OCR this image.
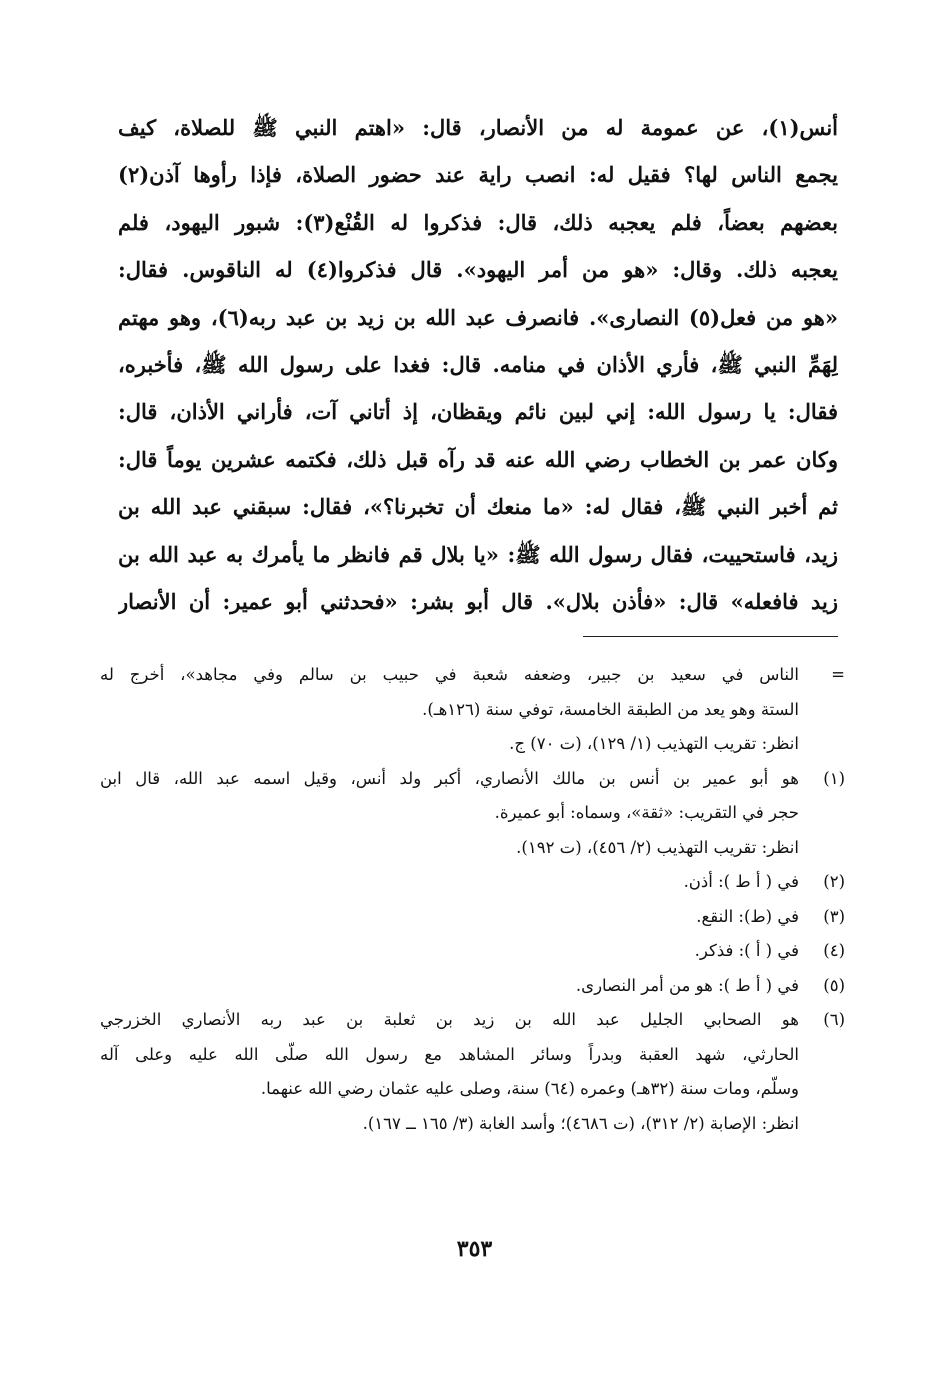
أنس(١)، عن عمومة له من الأنصار، قال: «اهتم النبي ﷺ للصلاة، كيف
يجمع الناس لها؟ فقيل له: انصب راية عند حضور الصلاة، فإذا رأوها آذن(٢)
بعضهم بعضاً، فلم يعجبه ذلك، قال: فذكروا له القُنْع(٣): شبور اليهود، فلم
يعجبه ذلك. وقال: «هو من أمر اليهود». قال فذكروا(٤) له الناقوس. فقال:
«هو من فعل(٥) النصارى». فانصرف عبد الله بن زيد بن عبد ربه(٦)، وهو مهتم
لِهَمِّ النبي ﷺ، فأري الأذان في منامه. قال: فغدا على رسول الله ﷺ، فأخبره،
فقال: يا رسول الله: إني لبين نائم ويقظان، إذ أتاني آت، فأراني الأذان، قال:
وكان عمر بن الخطاب رضي الله عنه قد رآه قبل ذلك، فكتمه عشرين يوماً قال:
ثم أخبر النبي ﷺ، فقال له: «ما منعك أن تخبرنا؟»، فقال: سبقني عبد الله بن
زيد، فاستحييت، فقال رسول الله ﷺ: «يا بلال قم فانظر ما يأمرك به عبد الله بن
زيد فافعله» قال: «فأذن بلال». قال أبو بشر: «فحدثني أبو عمير: أن الأنصار
=
الناس في سعيد بن جبير، وضعفه شعبة في حبيب بن سالم وفي مجاهد»، أخرج له
الستة وهو يعد من الطبقة الخامسة، توفي سنة (١٢٦هـ).
انظر: تقريب التهذيب (١/ ١٢٩)، (ت ٧٠) ج.
(١)
هو أبو عمير بن أنس بن مالك الأنصاري، أكبر ولد أنس، وقيل اسمه عبد الله، قال ابن
حجر في التقريب: «ثقة»، وسماه: أبو عميرة.
انظر: تقريب التهذيب (٢/ ٤٥٦)، (ت ١٩٢).
(٢)
في ( أ ط ): أذن.
(٣)
في (ط): النقع.
(٤)
في ( أ ): فذكر.
(٥)
في ( أ ط ): هو من أمر النصارى.
(٦)
هو الصحابي الجليل عبد الله بن زيد بن ثعلبة بن عبد ربه الأنصاري الخزرجي
الحارثي، شهد العقبة وبدراً وسائر المشاهد مع رسول الله صلّى الله عليه وعلى آله
وسلّم، ومات سنة (٣٢هـ) وعمره (٦٤) سنة، وصلى عليه عثمان رضي الله عنهما.
انظر: الإصابة (٢/ ٣١٢)، (ت ٤٦٨٦)؛ وأسد الغابة (٣/ ١٦٥ ــ ١٦٧).
٣٥٣
